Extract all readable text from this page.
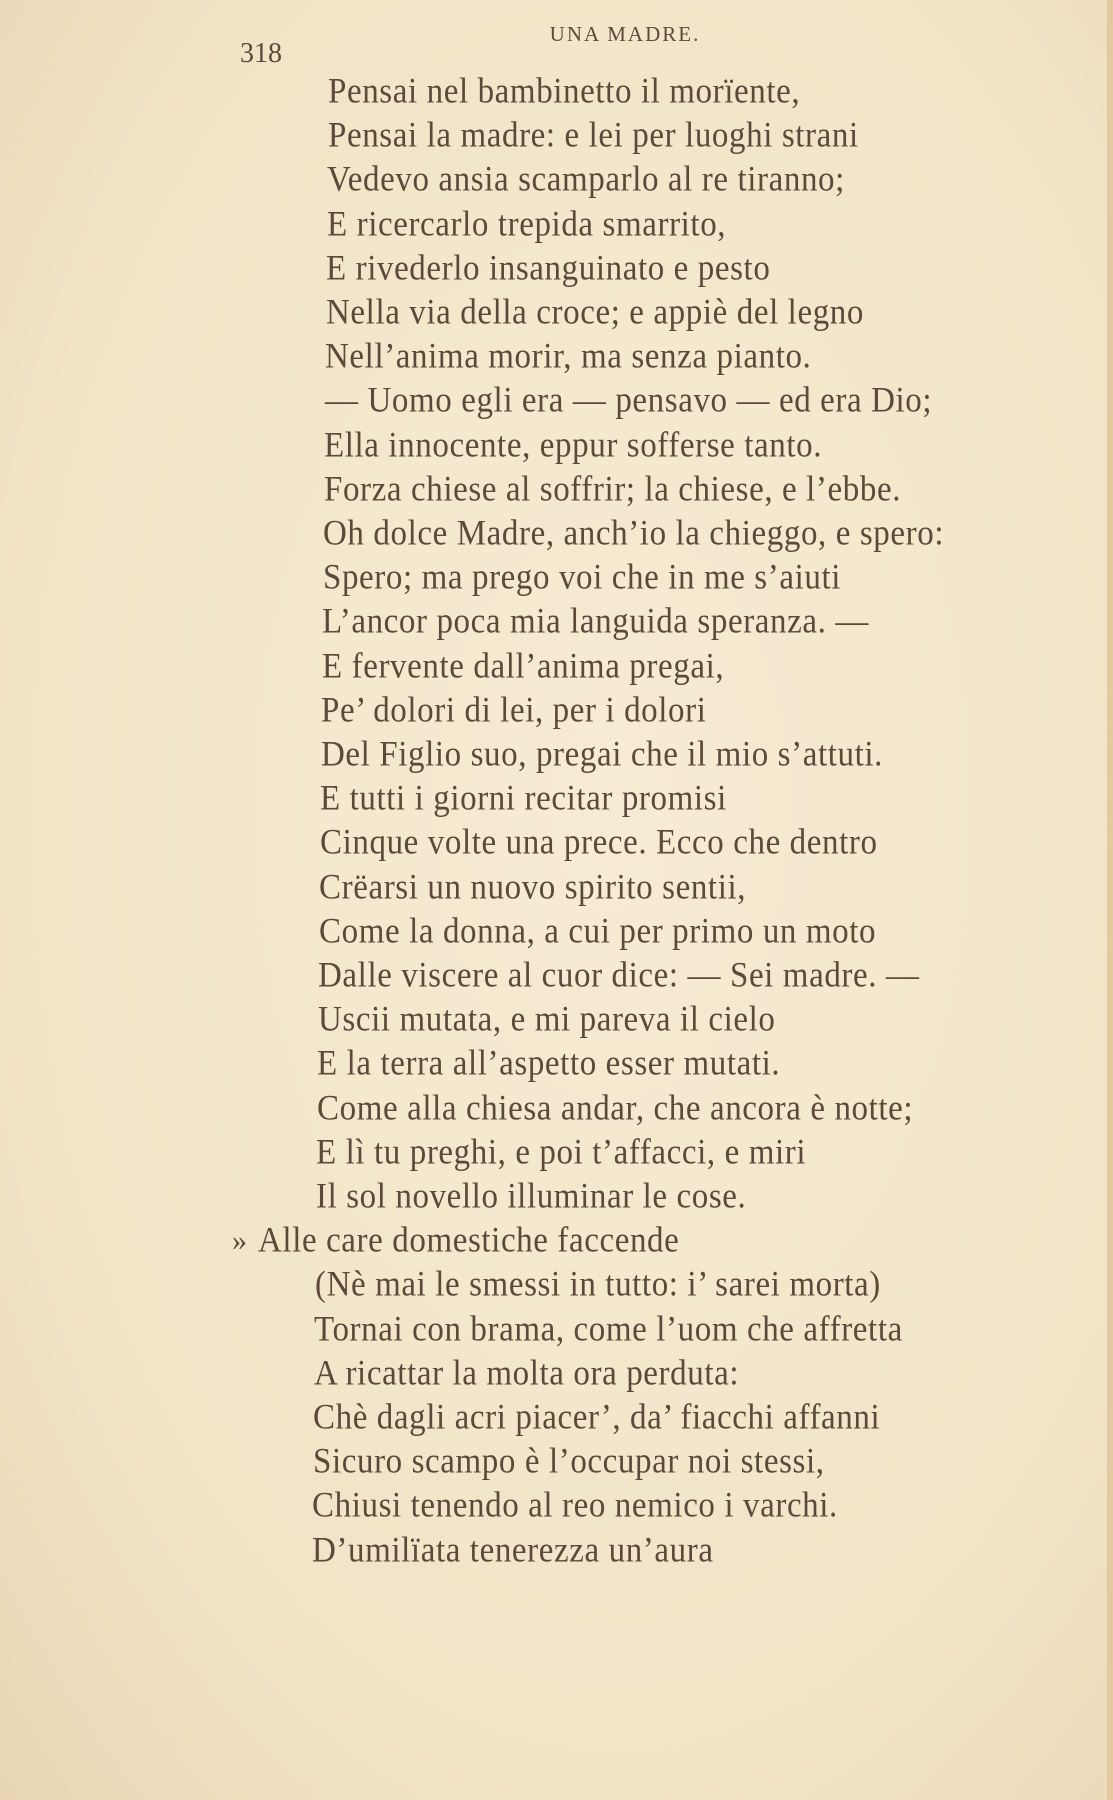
UNA MADRE.
318
Pensai nel bambinetto il morïente,
Pensai la madre: e lei per luoghi strani
Vedevo ansia scamparlo al re tiranno;
E ricercarlo trepida smarrito,
E rivederlo insanguinato e pesto
Nella via della croce; e appiè del legno
Nell’anima morir, ma senza pianto.
— Uomo egli era — pensavo — ed era Dio;
Ella innocente, eppur sofferse tanto.
Forza chiese al soffrir; la chiese, e l’ebbe.
Oh dolce Madre, anch’io la chieggo, e spero:
Spero; ma prego voi che in me s’aiuti
L’ancor poca mia languida speranza. —
E fervente dall’anima pregai,
Pe’ dolori di lei, per i dolori
Del Figlio suo, pregai che il mio s’attuti.
E tutti i giorni recitar promisi
Cinque volte una prece. Ecco che dentro
Crëarsi un nuovo spirito sentii,
Come la donna, a cui per primo un moto
Dalle viscere al cuor dice: — Sei madre. —
Uscii mutata, e mi pareva il cielo
E la terra all’aspetto esser mutati.
Come alla chiesa andar, che ancora è notte;
E lì tu preghi, e poi t’affacci, e miri
Il sol novello illuminar le cose.
Alle care domestiche faccende
(Nè mai le smessi in tutto: i’ sarei morta)
Tornai con brama, come l’uom che affretta
A ricattar la molta ora perduta:
Chè dagli acri piacer’, da’ fiacchi affanni
Sicuro scampo è l’occupar noi stessi,
Chiusi tenendo al reo nemico i varchi.
D’umilïata tenerezza un’aura
»
